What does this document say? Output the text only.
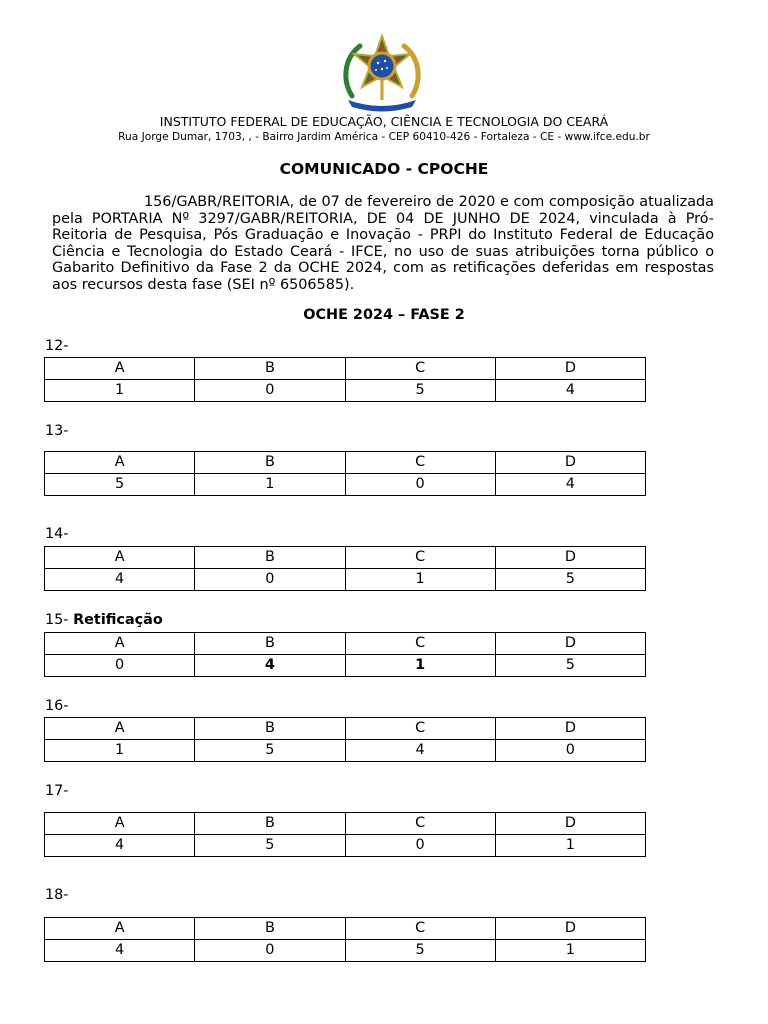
INSTITUTO FEDERAL DE EDUCAÇÃO, CIÊNCIA E TECNOLOGIA DO CEARÁ
Rua Jorge Dumar, 1703, , - Bairro Jardim América - CEP 60410-426 - Fortaleza - CE - www.ifce.edu.br
COMUNICADO - CPOCHE
156/GABR/REITORIA, de 07 de fevereiro de 2020 e com composição atualizada pela PORTARIA Nº 3297/GABR/REITORIA, DE 04 DE JUNHO DE 2024, vinculada à Pró-Reitoria de Pesquisa, Pós Graduação e Inovação - PRPI do Instituto Federal de Educação Ciência e Tecnologia do Estado Ceará - IFCE, no uso de suas atribuições torna público o Gabarito Definitivo da Fase 2 da OCHE 2024, com as retificações deferidas em respostas aos recursos desta fase (SEI nº 6506585).
OCHE 2024 – FASE 2
12-
A	B	C	D
1	0	5	4
13-
A	B	C	D
5	1	0	4
14-
A	B	C	D
4	0	1	5
15- Retificação
A	B	C	D
0	4	1	5
16-
A	B	C	D
1	5	4	0
17-
A	B	C	D
4	5	0	1
18-
A	B	C	D
4	0	5	1
